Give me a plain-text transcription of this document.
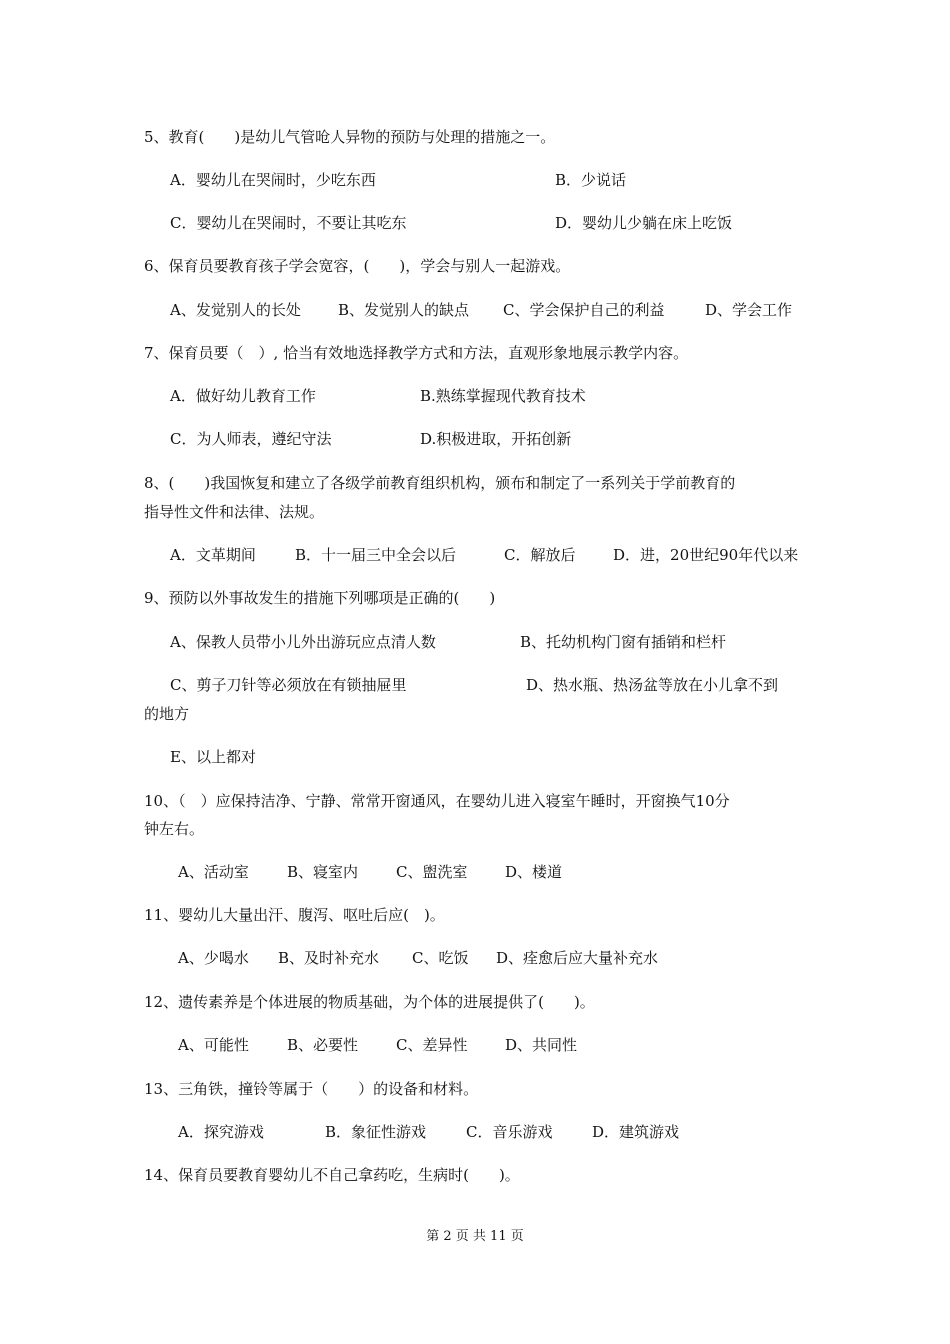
5、教育(　　)是幼儿气管呛人异物的预防与处理的措施之一。
A．婴幼儿在哭闹时，少吃东西	B．少说话
C．婴幼儿在哭闹时，不要让其吃东	D．婴幼儿少躺在床上吃饭
6、保育员要教育孩子学会宽容，(　　)，学会与别人一起游戏。
A、发觉别人的长处 B、发觉别人的缺点 C、学会保护自己的利益	D、学会工作
7、保育员要（　）, 恰当有效地选择教学方式和方法，直观形象地展示教学内容。
A．做好幼儿教育工作	B.熟练掌握现代教育技术
C．为人师表，遵纪守法	D.积极进取，开拓创新
8、(　　)我国恢复和建立了各级学前教育组织机构，颁布和制定了一系列关于学前教育的
指导性文件和法律、法规。
A．文革期间	B．十一届三中全会以后	C．解放后	D．进，20世纪90年代以来
9、预防以外事故发生的措施下列哪项是正确的(　　)
A、保教人员带小儿外出游玩应点清人数	B、托幼机构门窗有插销和栏杆
C、剪子刀针等必须放在有锁抽屉里	D、热水瓶、热汤盆等放在小儿拿不到
的地方
E、以上都对
10、（　）应保持洁净、宁静、常常开窗通风，在婴幼儿进入寝室午睡时，开窗换气10分
钟左右。
A、活动室	B、寝室内	C、盥洗室	D、楼道
11、婴幼儿大量出汗、腹泻、呕吐后应(　)。
A、少喝水 B、及时补充水 C、吃饭 D、痊愈后应大量补充水
12、遗传素养是个体进展的物质基础，为个体的进展提供了(　　)。
A、可能性	B、必要性	C、差异性	D、共同性
13、三角铁，撞铃等属于（　　）的设备和材料。
A．探究游戏	B．象征性游戏	C．音乐游戏	D．建筑游戏
14、保育员要教育婴幼儿不自己拿药吃，生病时(　　)。
第 2 页 共 11 页
